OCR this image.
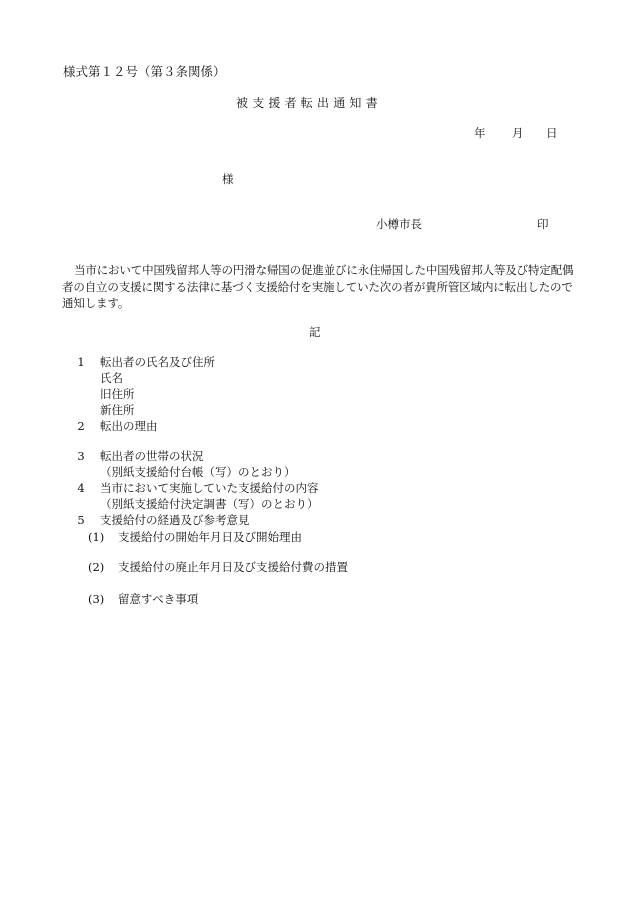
様式第１２号（第３条関係）
被支援者転出通知書
年 月 日
様
小樽市長	印
当市において中国残留邦人等の円滑な帰国の促進並びに永住帰国した中国残留邦人等及び特定配偶者の自立の支援に関する法律に基づく支援給付を実施していた次の者が貴所管区域内に転出したので通知します。
記
1 転出者の氏名及び住所
氏名
旧住所
新住所
2 転出の理由
3 転出者の世帯の状況
（別紙支援給付台帳（写）のとおり）
4 当市において実施していた支援給付の内容
（別紙支援給付決定調書（写）のとおり）
5 支援給付の経過及び参考意見
(1) 支援給付の開始年月日及び開始理由
(2) 支援給付の廃止年月日及び支援給付費の措置
(3) 留意すべき事項
